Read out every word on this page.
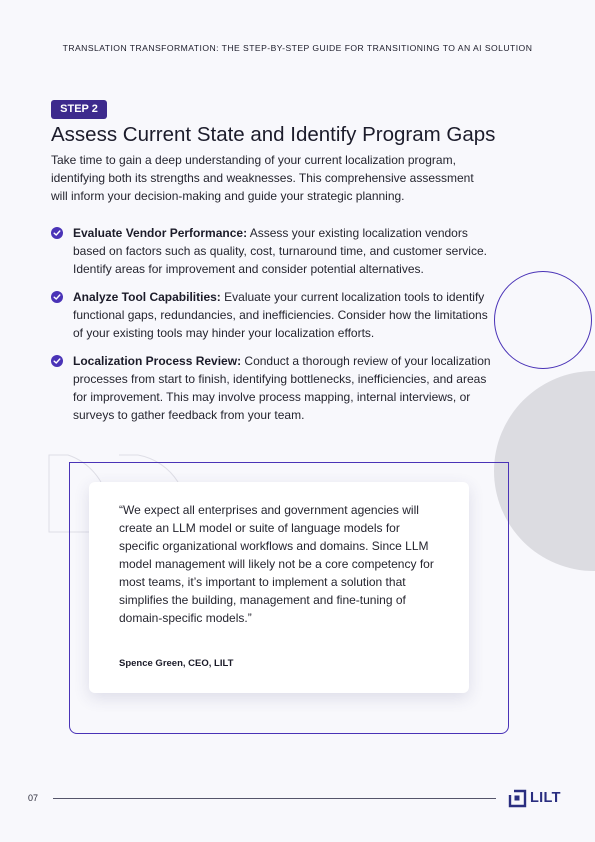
TRANSLATION TRANSFORMATION: THE STEP-BY-STEP GUIDE FOR TRANSITIONING TO AN AI SOLUTION
STEP 2
Assess Current State and Identify Program Gaps

Take time to gain a deep understanding of your current localization program, identifying both its strengths and weaknesses. This comprehensive assessment will inform your decision-making and guide your strategic planning.

Evaluate Vendor Performance: Assess your existing localization vendors based on factors such as quality, cost, turnaround time, and customer service. Identify areas for improvement and consider potential alternatives.
Analyze Tool Capabilities: Evaluate your current localization tools to identify functional gaps, redundancies, and inefficiencies. Consider how the limitations of your existing tools may hinder your localization efforts.
Localization Process Review: Conduct a thorough review of your localization processes from start to finish, identifying bottlenecks, inefficiencies, and areas for improvement. This may involve process mapping, internal interviews, or surveys to gather feedback from your team.

“We expect all enterprises and government agencies will create an LLM model or suite of language models for specific organizational workflows and domains. Since LLM model management will likely not be a core competency for most teams, it’s important to implement a solution that simplifies the building, management and fine-tuning of domain-specific models.”

Spence Green, CEO, LILT
07	LILT
